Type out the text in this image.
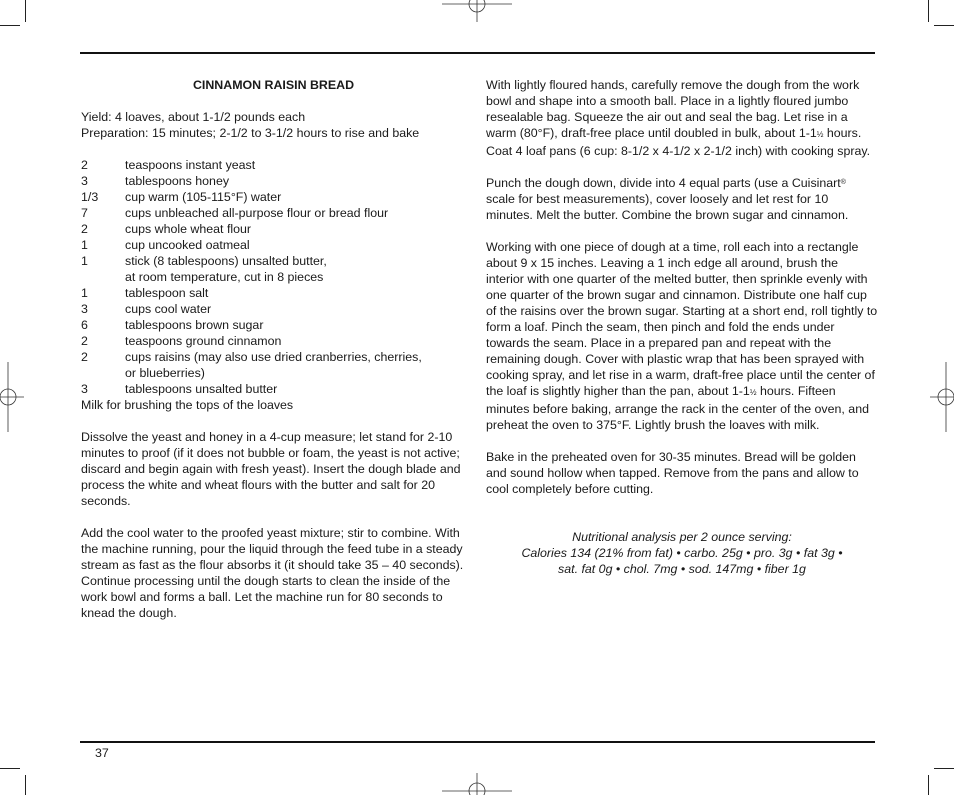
CINNAMON RAISIN BREAD

Yield: 4 loaves, about 1-1/2 pounds each

Preparation: 15 minutes; 2-1/2 to 3-1/2 hours to rise and bake

2	teaspoons instant yeast
3	tablespoons honey
1/3	cup warm (105-115°F) water
7	cups unbleached all-purpose flour or bread flour
2	cups whole wheat flour
1	cup uncooked oatmeal
1	stick (8 tablespoons) unsalted butter,
at room temperature, cut in 8 pieces
1	tablespoon salt
3	cups cool water
6	tablespoons brown sugar
2	teaspoons ground cinnamon
2	cups raisins (may also use dried cranberries, cherries,
or blueberries)
3	tablespoons unsalted butter

Milk for brushing the tops of the loaves

Dissolve the yeast and honey in a 4-cup measure; let stand for 2-10 minutes to proof (if it does not bubble or foam, the yeast is not active; discard and begin again with fresh yeast). Insert the dough blade and process the white and wheat flours with the butter and salt for 20 seconds.

Add the cool water to the proofed yeast mixture; stir to combine. With the machine running, pour the liquid through the feed tube in a steady stream as fast as the flour absorbs it (it should take 35 – 40 seconds). Continue processing until the dough starts to clean the inside of the work bowl and forms a ball. Let the machine run for 80 seconds to knead the dough.

With lightly floured hands, carefully remove the dough from the work bowl and shape into a smooth ball. Place in a lightly floured jumbo resealable bag. Squeeze the air out and seal the bag. Let rise in a warm (80°F), draft-free place until doubled in bulk, about 1-1½ hours. Coat 4 loaf pans (6 cup: 8-1/2 x 4-1/2 x 2-1/2 inch) with cooking spray.

Punch the dough down, divide into 4 equal parts (use a Cuisinart® scale for best measurements), cover loosely and let rest for 10 minutes. Melt the butter. Combine the brown sugar and cinnamon.

Working with one piece of dough at a time, roll each into a rectangle about 9 x 15 inches. Leaving a 1 inch edge all around, brush the interior with one quarter of the melted butter, then sprinkle evenly with one quarter of the brown sugar and cinnamon. Distribute one half cup of the raisins over the brown sugar. Starting at a short end, roll tightly to form a loaf. Pinch the seam, then pinch and fold the ends under towards the seam. Place in a prepared pan and repeat with the remaining dough. Cover with plastic wrap that has been sprayed with cooking spray, and let rise in a warm, draft-free place until the center of the loaf is slightly higher than the pan, about 1-1½ hours. Fifteen minutes before baking, arrange the rack in the center of the oven, and preheat the oven to 375°F. Lightly brush the loaves with milk.

Bake in the preheated oven for 30-35 minutes. Bread will be golden and sound hollow when tapped. Remove from the pans and allow to cool completely before cutting.

Nutritional analysis per 2 ounce serving:

Calories 134 (21% from fat) • carbo. 25g • pro. 3g • fat 3g •

sat. fat 0g • chol. 7mg • sod. 147mg • fiber 1g

37
